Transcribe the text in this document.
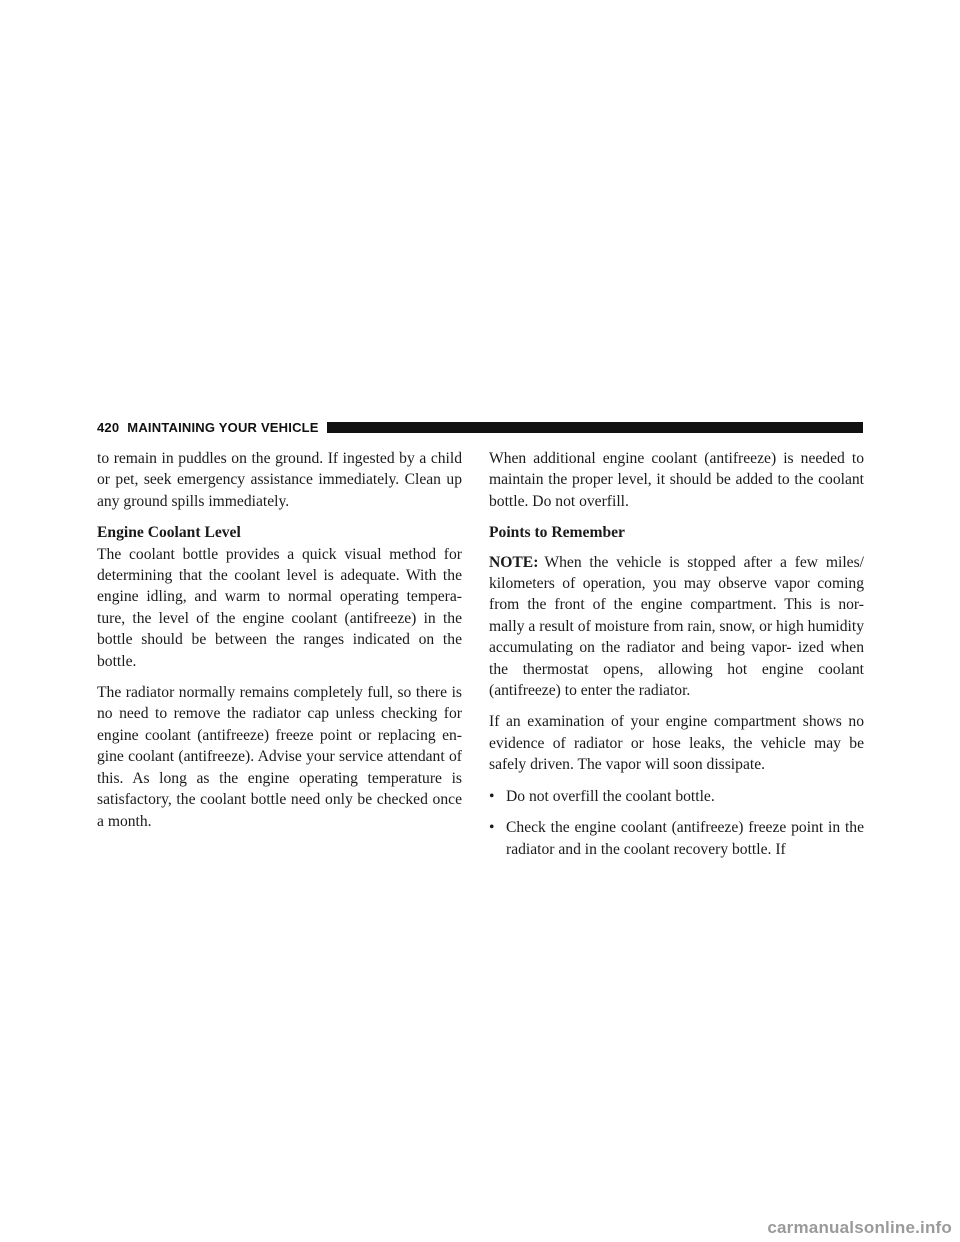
420 MAINTAINING YOUR VEHICLE

to remain in puddles on the ground. If ingested by a child or pet, seek emergency assistance immediately. Clean up any ground spills immediately.

Engine Coolant Level

The coolant bottle provides a quick visual method for determining that the coolant level is adequate. With the engine idling, and warm to normal operating tempera- ture, the level of the engine coolant (antifreeze) in the bottle should be between the ranges indicated on the bottle.

The radiator normally remains completely full, so there is no need to remove the radiator cap unless checking for engine coolant (antifreeze) freeze point or replacing en- gine coolant (antifreeze). Advise your service attendant of this. As long as the engine operating temperature is satisfactory, the coolant bottle need only be checked once a month.

When additional engine coolant (antifreeze) is needed to maintain the proper level, it should be added to the coolant bottle. Do not overfill.

Points to Remember

NOTE: When the vehicle is stopped after a few miles/ kilometers of operation, you may observe vapor coming from the front of the engine compartment. This is nor- mally a result of moisture from rain, snow, or high humidity accumulating on the radiator and being vapor- ized when the thermostat opens, allowing hot engine coolant (antifreeze) to enter the radiator.

If an examination of your engine compartment shows no evidence of radiator or hose leaks, the vehicle may be safely driven. The vapor will soon dissipate.

• Do not overfill the coolant bottle.
• Check the engine coolant (antifreeze) freeze point in the radiator and in the coolant recovery bottle. If
carmanualsonline.info
